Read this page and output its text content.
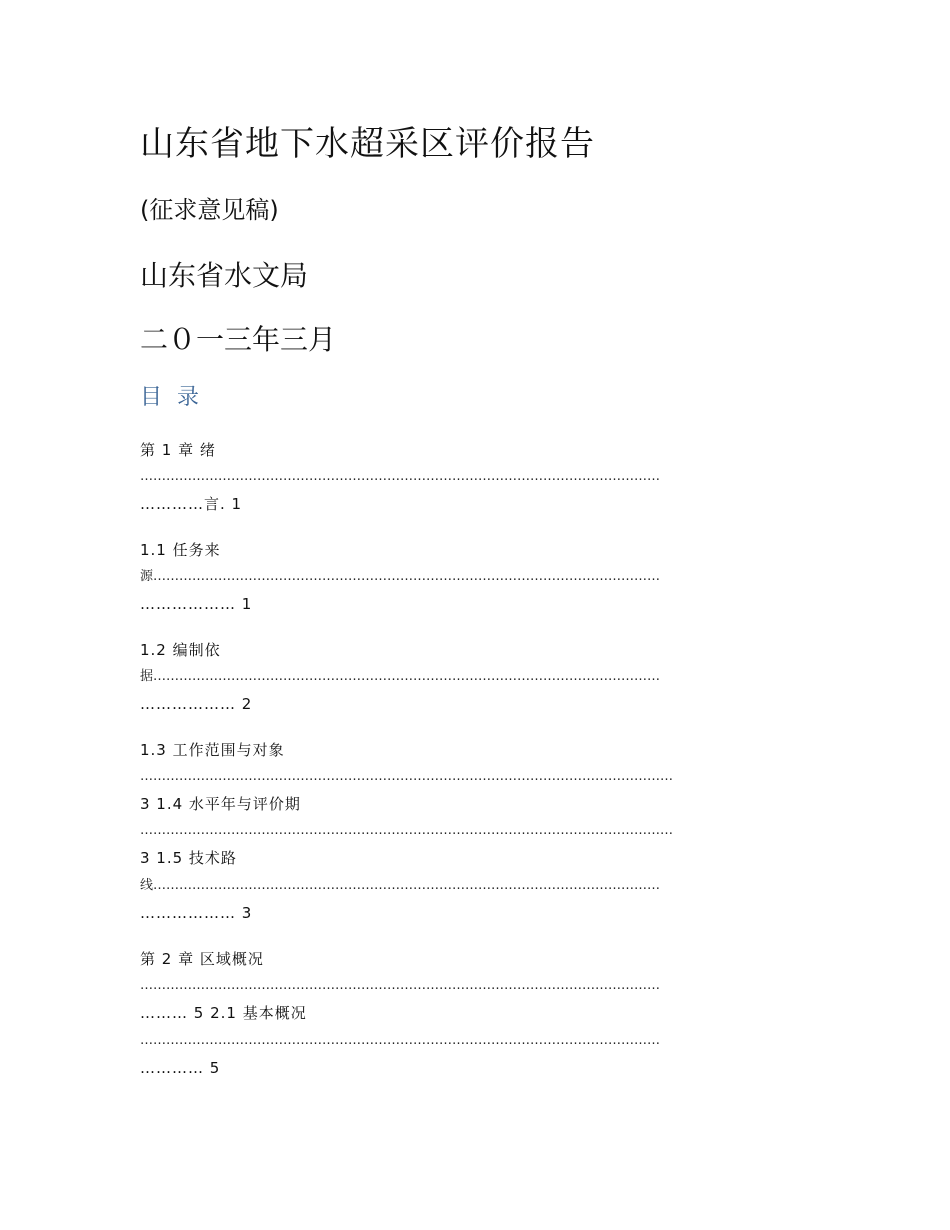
山东省地下水超采区评价报告
(征求意见稿)
山东省水文局
二０一三年三月
目 录
第 1 章 绪
…………………………………………………………………………………………………………
…………言. 1
1.1 任务来
源………………………………………………………………………………………………………
……………… 1
1.2 编制依
据………………………………………………………………………………………………………
……………… 2
1.3 工作范围与对象
……………………………………………………………………………………………………………
3 1.4 水平年与评价期
……………………………………………………………………………………………………………
3 1.5 技术路
线………………………………………………………………………………………………………
……………… 3
第 2 章 区域概况
…………………………………………………………………………………………………………
……… 5 2.1 基本概况
…………………………………………………………………………………………………………
………… 5
